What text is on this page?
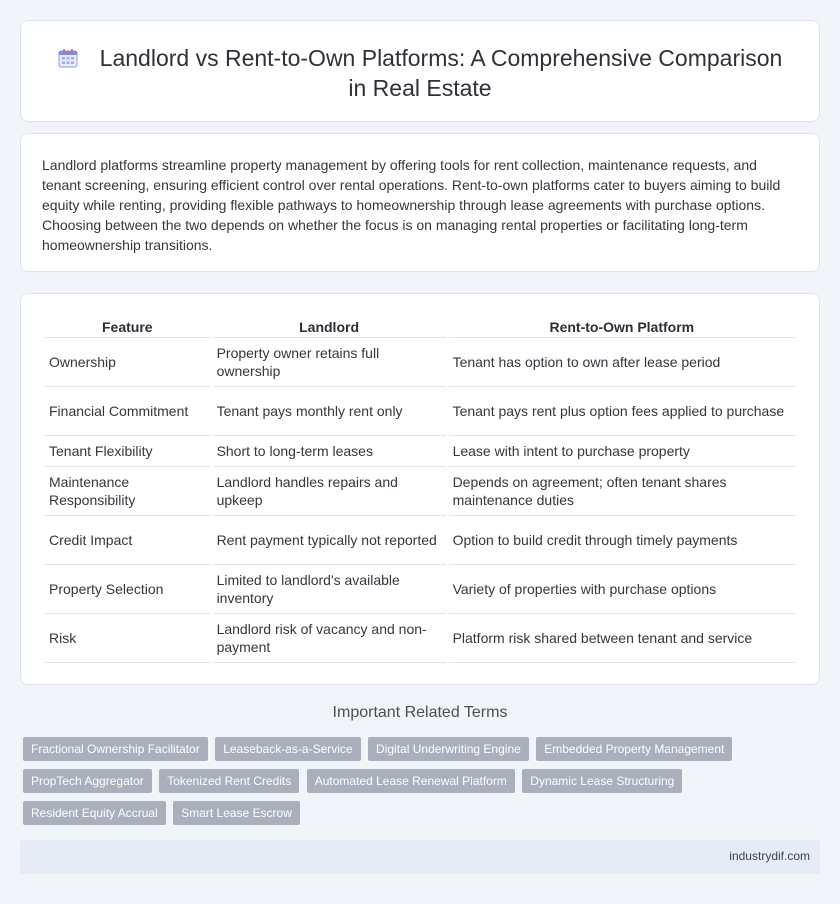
Landlord vs Rent-to-Own Platforms: A Comprehensive Comparison
in Real Estate

Landlord platforms streamline property management by offering tools for rent collection, maintenance requests, and tenant screening, ensuring efficient control over rental operations. Rent-to-own platforms cater to buyers aiming to build equity while renting, providing flexible pathways to homeownership through lease agreements with purchase options. Choosing between the two depends on whether the focus is on managing rental properties or facilitating long-term homeownership transitions.

Feature	Landlord	Rent-to-Own Platform
Ownership	Property owner retains full ownership	Tenant has option to own after lease period
Financial Commitment	Tenant pays monthly rent only	Tenant pays rent plus option fees applied to purchase
Tenant Flexibility	Short to long-term leases	Lease with intent to purchase property
Maintenance Responsibility	Landlord handles repairs and upkeep	Depends on agreement; often tenant shares maintenance duties
Credit Impact	Rent payment typically not reported	Option to build credit through timely payments
Property Selection	Limited to landlord's available inventory	Variety of properties with purchase options
Risk	Landlord risk of vacancy and non-payment	Platform risk shared between tenant and service
Important Related Terms
Fractional Ownership Facilitator Leaseback-as-a-Service Digital Underwriting Engine Embedded Property Management PropTech Aggregator Tokenized Rent Credits Automated Lease Renewal Platform Dynamic Lease Structuring Resident Equity Accrual Smart Lease Escrow
industrydif.com
